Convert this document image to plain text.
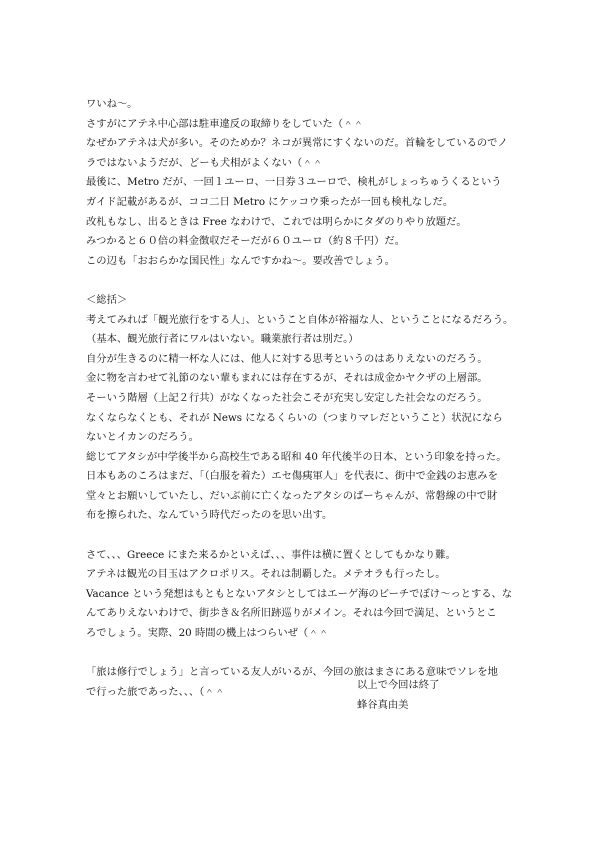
ワいね〜。
さすがにアテネ中心部は駐車違反の取締りをしていた（＾＾
なぜかアテネは犬が多い。そのためか？ネコが異常にすくないのだ。首輪をしているのでノ
ラではないようだが、どーも犬相がよくない（＾＾
最後に、Metro だが、一回１ユーロ、一日券３ユーロで、検札がしょっちゅうくるという
ガイド記載があるが、ココ二日 Metro にケッコウ乗ったが一回も検札なしだ。
改札もなし、出るときは Free なわけで、これでは明らかにタダのりやり放題だ。
みつかると６０倍の料金徴収だそーだが６０ユーロ（約８千円）だ。
この辺も「おおらかな国民性」なんですかね〜。要改善でしょう。
＜総括＞
考えてみれば「観光旅行をする人」、ということ自体が裕福な人、ということになるだろう。
（基本、観光旅行者にワルはいない。職業旅行者は別だ。）
自分が生きるのに精一杯な人には、他人に対する思考というのはありえないのだろう。
金に物を言わせて礼節のない輩もまれには存在するが、それは成金かヤクザの上層部。
そーいう階層（上記２行共）がなくなった社会こそが充実し安定した社会なのだろう。
なくならなくとも、それが News になるくらいの（つまりマレだということ）状況になら
ないとイカンのだろう。
総じてアタシが中学後半から高校生である昭和 40 年代後半の日本、という印象を持った。
日本もあのころはまだ、「（白服を着た）エセ傷痍軍人」を代表に、街中で金銭のお恵みを
堂々とお願いしていたし、だいぶ前に亡くなったアタシのばーちゃんが、常磐線の中で財
布を擦られた、なんていう時代だったのを思い出す。
さて、、、Greece にまた来るかといえば、、、事件は横に置くとしてもかなり難。
アテネは観光の目玉はアクロポリス。それは制覇した。メテオラも行ったし。
Vacance という発想はもともとないアタシとしてはエーゲ海のビーチでぼけ〜っとする、な
んてありえないわけで、街歩き＆名所旧跡巡りがメイン。それは今回で満足、というとこ
ろでしょう。実際、20 時間の機上はつらいぜ（＾＾
「旅は修行でしょう」と言っている友人がいるが、今回の旅はまさにある意味でソレを地
で行った旅であった、、、（＾＾
以上で今回は終了
蜂谷真由美
